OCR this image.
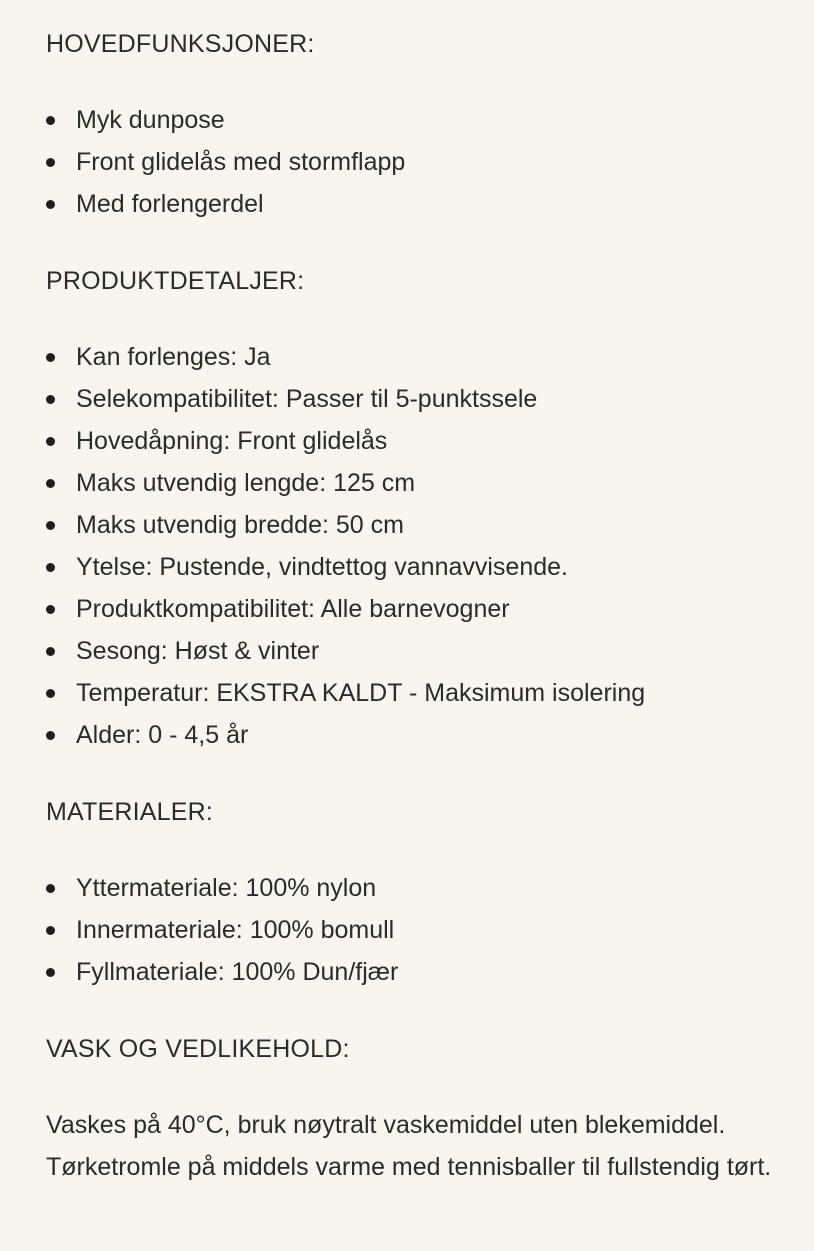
HOVEDFUNKSJONER:
Myk dunpose
Front glidelås med stormflapp
Med forlengerdel
PRODUKTDETALJER:
Kan forlenges: Ja
Selekompatibilitet: Passer til 5-punktssele
Hovedåpning: Front glidelås
Maks utvendig lengde: 125 cm
Maks utvendig bredde: 50 cm
Ytelse: Pustende, vindtettog vannavvisende.
Produktkompatibilitet: Alle barnevogner
Sesong: Høst & vinter
Temperatur: EKSTRA KALDT - Maksimum isolering
Alder: 0 - 4,5 år
MATERIALER:
Yttermateriale: 100% nylon
Innermateriale: 100% bomull
Fyllmateriale: 100% Dun/fjær
VASK OG VEDLIKEHOLD:

Vaskes på 40°C, bruk nøytralt vaskemiddel uten blekemiddel. Tørketromle på middels varme med tennisballer til fullstendig tørt.
